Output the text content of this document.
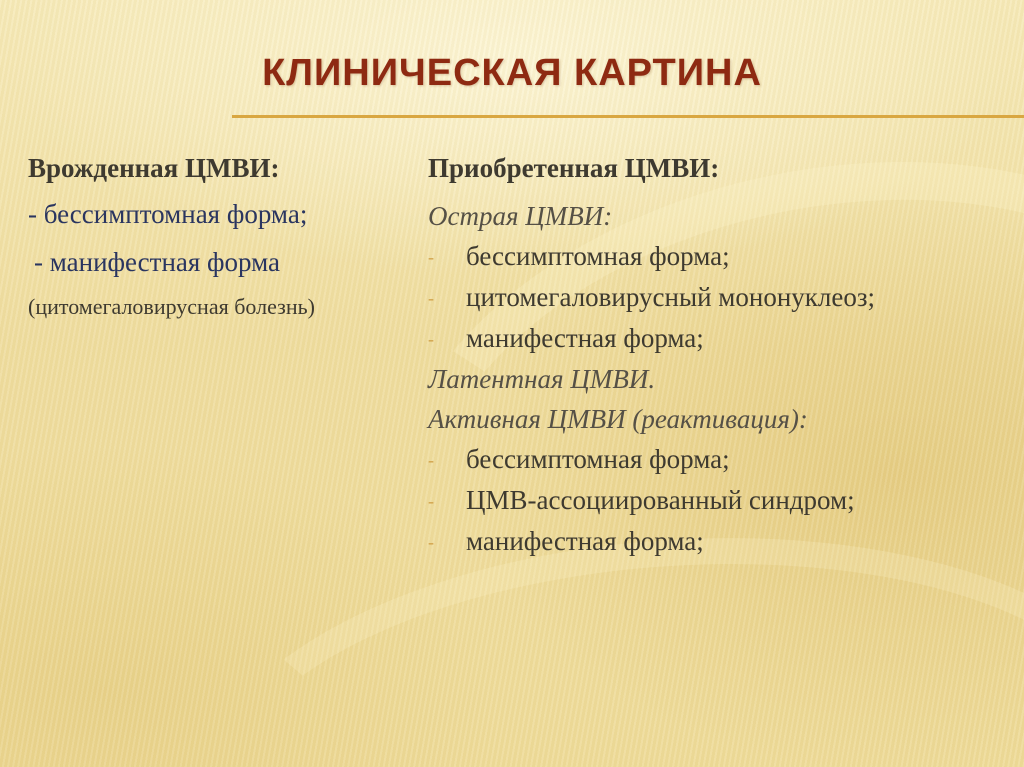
КЛИНИЧЕСКАЯ КАРТИНА
Врожденная ЦМВИ:
- бессимптомная форма;
- манифестная форма
(цитомегаловирусная болезнь)
Приобретенная ЦМВИ:
Острая ЦМВИ:
-	бессимптомная форма;
-	цитомегаловирусный мононуклеоз;
-	манифестная форма;
Латентная ЦМВИ.
Активная ЦМВИ (реактивация):
-	бессимптомная форма;
-	ЦМВ-ассоциированный синдром;
-	манифестная форма;
